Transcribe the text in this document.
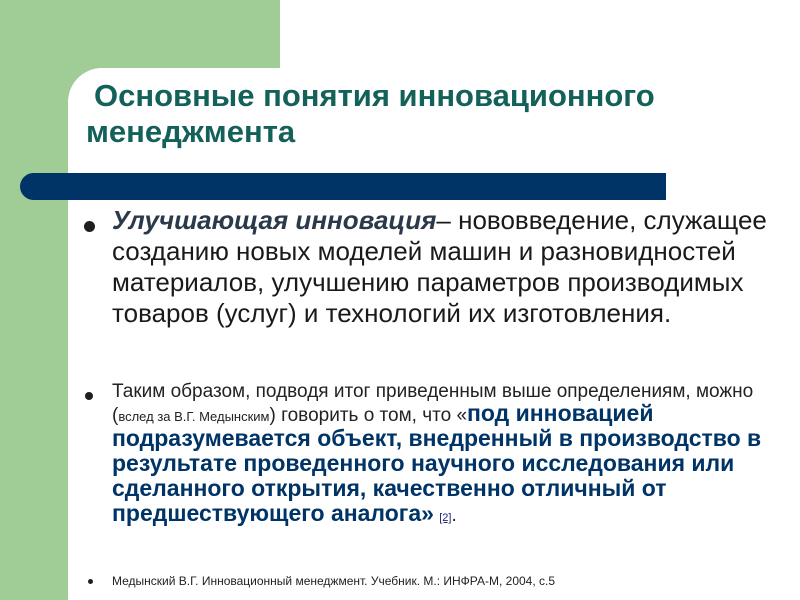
Основные понятия инновационного
менеджмента

Улучшающая инновация– нововведение, служащее созданию новых моделей машин и разновидностей материалов, улучшению параметров производимых товаров (услуг) и технологий их изготовления.

Таким образом, подводя итог приведенным выше определениям, можно (вслед за В.Г. Медынским) говорить о том, что «под инновацией подразумевается объект, внедренный в производство в результате проведенного научного исследования или сделанного открытия, качественно отличный от предшествующего аналога» [2].

Медынский В.Г. Инновационный менеджмент. Учебник. М.: ИНФРА-М, 2004, с.5
